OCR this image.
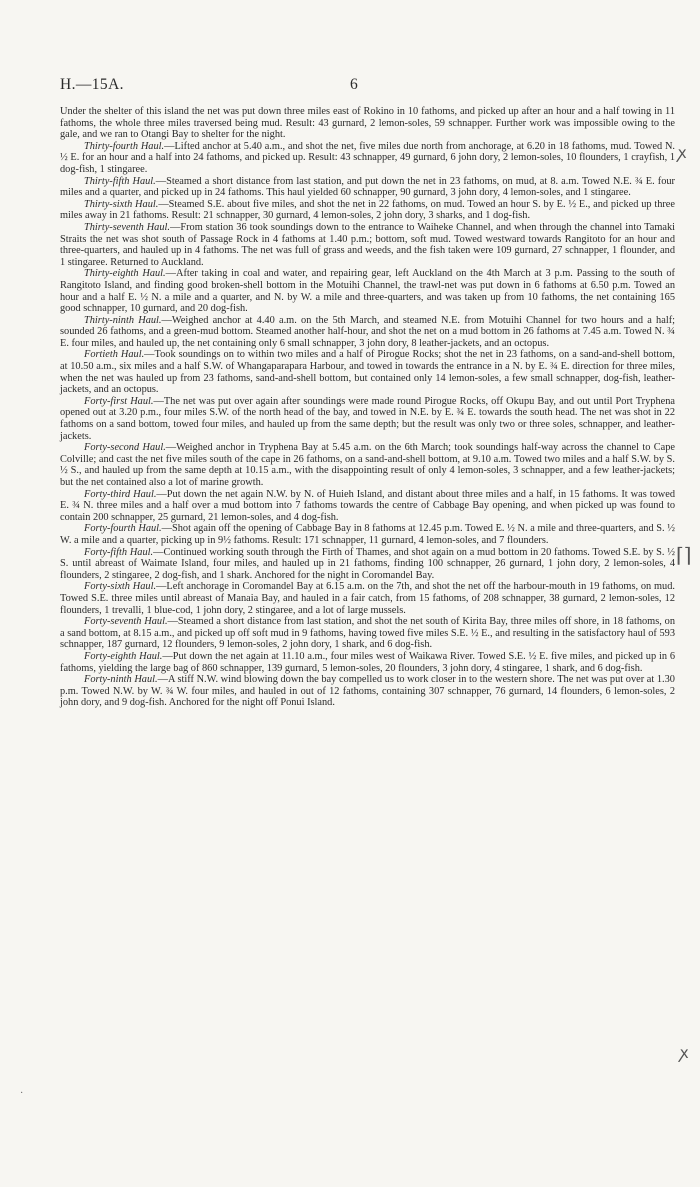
H.—15A.	6

Under the shelter of this island the net was put down three miles east of Rokino in 10 fathoms, and picked up after an hour and a half towing in 11 fathoms, the whole three miles traversed being mud. Result: 43 gurnard, 2 lemon-soles, 59 schnapper. Further work was impossible owing to the gale, and we ran to Otangi Bay to shelter for the night.

Thirty-fourth Haul.—Lifted anchor at 5.40 a.m., and shot the net, five miles due north from anchorage, at 6.20 in 18 fathoms, mud. Towed N. ½ E. for an hour and a half into 24 fathoms, and picked up. Result: 43 schnapper, 49 gurnard, 6 john dory, 2 lemon-soles, 10 flounders, 1 crayfish, 1 dog-fish, 1 stingaree.

Thirty-fifth Haul.—Steamed a short distance from last station, and put down the net in 23 fathoms, on mud, at 8. a.m. Towed N.E. ¾ E. four miles and a quarter, and picked up in 24 fathoms. This haul yielded 60 schnapper, 90 gurnard, 3 john dory, 4 lemon-soles, and 1 stingaree.

Thirty-sixth Haul.—Steamed S.E. about five miles, and shot the net in 22 fathoms, on mud. Towed an hour S. by E. ½ E., and picked up three miles away in 21 fathoms. Result: 21 schnapper, 30 gurnard, 4 lemon-soles, 2 john dory, 3 sharks, and 1 dog-fish.

Thirty-seventh Haul.—From station 36 took soundings down to the entrance to Waiheke Channel, and when through the channel into Tamaki Straits the net was shot south of Passage Rock in 4 fathoms at 1.40 p.m.; bottom, soft mud. Towed westward towards Rangitoto for an hour and three-quarters, and hauled up in 4 fathoms. The net was full of grass and weeds, and the fish taken were 109 gurnard, 27 schnapper, 1 flounder, and 1 stingaree. Returned to Auckland.

Thirty-eighth Haul.—After taking in coal and water, and repairing gear, left Auckland on the 4th March at 3 p.m. Passing to the south of Rangitoto Island, and finding good broken-shell bottom in the Motuihi Channel, the trawl-net was put down in 6 fathoms at 6.50 p.m. Towed an hour and a half E. ½ N. a mile and a quarter, and N. by W. a mile and three-quarters, and was taken up from 10 fathoms, the net containing 165 good schnapper, 10 gurnard, and 20 dog-fish.

Thirty-ninth Haul.—Weighed anchor at 4.40 a.m. on the 5th March, and steamed N.E. from Motuihi Channel for two hours and a half; sounded 26 fathoms, and a green-mud bottom. Steamed another half-hour, and shot the net on a mud bottom in 26 fathoms at 7.45 a.m. Towed N. ¾ E. four miles, and hauled up, the net containing only 6 small schnapper, 3 john dory, 8 leather-jackets, and an octopus.

Fortieth Haul.—Took soundings on to within two miles and a half of Pirogue Rocks; shot the net in 23 fathoms, on a sand-and-shell bottom, at 10.50 a.m., six miles and a half S.W. of Whangaparapara Harbour, and towed in towards the entrance in a N. by E. ¾ E. direction for three miles, when the net was hauled up from 23 fathoms, sand-and-shell bottom, but contained only 14 lemon-soles, a few small schnapper, dog-fish, leather-jackets, and an octopus.

Forty-first Haul.—The net was put over again after soundings were made round Pirogue Rocks, off Okupu Bay, and out until Port Tryphena opened out at 3.20 p.m., four miles S.W. of the north head of the bay, and towed in N.E. by E. ¾ E. towards the south head. The net was shot in 22 fathoms on a sand bottom, towed four miles, and hauled up from the same depth; but the result was only two or three soles, schnapper, and leather-jackets.

Forty-second Haul.—Weighed anchor in Tryphena Bay at 5.45 a.m. on the 6th March; took soundings half-way across the channel to Cape Colville; and cast the net five miles south of the cape in 26 fathoms, on a sand-and-shell bottom, at 9.10 a.m. Towed two miles and a half S.W. by S. ½ S., and hauled up from the same depth at 10.15 a.m., with the disappointing result of only 4 lemon-soles, 3 schnapper, and a few leather-jackets; but the net contained also a lot of marine growth.

Forty-third Haul.—Put down the net again N.W. by N. of Huieh Island, and distant about three miles and a half, in 15 fathoms. It was towed E. ¾ N. three miles and a half over a mud bottom into 7 fathoms towards the centre of Cabbage Bay opening, and when picked up was found to contain 200 schnapper, 25 gurnard, 21 lemon-soles, and 4 dog-fish.

Forty-fourth Haul.—Shot again off the opening of Cabbage Bay in 8 fathoms at 12.45 p.m. Towed E. ½ N. a mile and three-quarters, and S. ½ W. a mile and a quarter, picking up in 9½ fathoms. Result: 171 schnapper, 11 gurnard, 4 lemon-soles, and 7 flounders.

Forty-fifth Haul.—Continued working south through the Firth of Thames, and shot again on a mud bottom in 20 fathoms. Towed S.E. by S. ½ S. until abreast of Waimate Island, four miles, and hauled up in 21 fathoms, finding 100 schnapper, 26 gurnard, 1 john dory, 2 lemon-soles, 4 flounders, 2 stingaree, 2 dog-fish, and 1 shark. Anchored for the night in Coromandel Bay.

Forty-sixth Haul.—Left anchorage in Coromandel Bay at 6.15 a.m. on the 7th, and shot the net off the harbour-mouth in 19 fathoms, on mud. Towed S.E. three miles until abreast of Manaia Bay, and hauled in a fair catch, from 15 fathoms, of 208 schnapper, 38 gurnard, 2 lemon-soles, 12 flounders, 1 trevalli, 1 blue-cod, 1 john dory, 2 stingaree, and a lot of large mussels.

Forty-seventh Haul.—Steamed a short distance from last station, and shot the net south of Kirita Bay, three miles off shore, in 18 fathoms, on a sand bottom, at 8.15 a.m., and picked up off soft mud in 9 fathoms, having towed five miles S.E. ½ E., and resulting in the satisfactory haul of 593 schnapper, 187 gurnard, 12 flounders, 9 lemon-soles, 2 john dory, 1 shark, and 6 dog-fish.

Forty-eighth Haul.—Put down the net again at 11.10 a.m., four miles west of Waikawa River. Towed S.E. ½ E. five miles, and picked up in 6 fathoms, yielding the large bag of 860 schnapper, 139 gurnard, 5 lemon-soles, 20 flounders, 3 john dory, 4 stingaree, 1 shark, and 6 dog-fish.

Forty-ninth Haul.—A stiff N.W. wind blowing down the bay compelled us to work closer in to the western shore. The net was put over at 1.30 p.m. Towed N.W. by W. ¾ W. four miles, and hauled in out of 12 fathoms, containing 307 schnapper, 76 gurnard, 14 flounders, 6 lemon-soles, 2 john dory, and 9 dog-fish. Anchored for the night off Ponui Island.

ꭗ
⌈⌉
ꭗ
·
